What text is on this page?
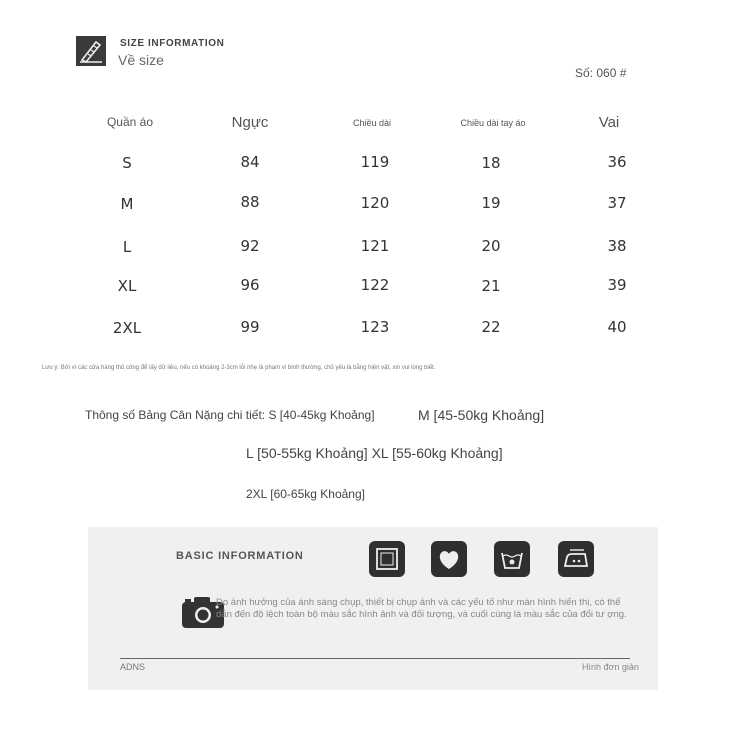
SIZE INFORMATION
Về size
Số: 060 #
Quần áo	Ngực	Chiều dài	Chiều dài tay áo	Vai
S	84	119	18	36
M	88	120	19	37
L	92	121	20	38
XL	96	122	21	39
2XL	99	123	22	40
Lưu ý: Bởi vì các cửa hàng thủ công để lấy dữ liệu, nếu có khoảng 2-3cm lỗi nhẹ là phạm vi bình thường, chủ yếu là bằng hiện vật, xin vui lòng biết.
Thông số Bảng Cân Nặng chi tiết: S [40-45kg Khoảng]	M [45-50kg Khoảng]
L [50-55kg Khoảng] XL [55-60kg Khoảng]
2XL [60-65kg Khoảng]
BASIC INFORMATION
Do ảnh hưởng của ánh sáng chụp, thiết bị chụp ảnh và các yếu tố như màn hình hiển thị, có thể dẫn đến độ lệch toàn bộ màu sắc hình ảnh và đối tượng, và cuối cùng là màu sắc của đối tư ợng.
ADNS	Hình đơn giản
